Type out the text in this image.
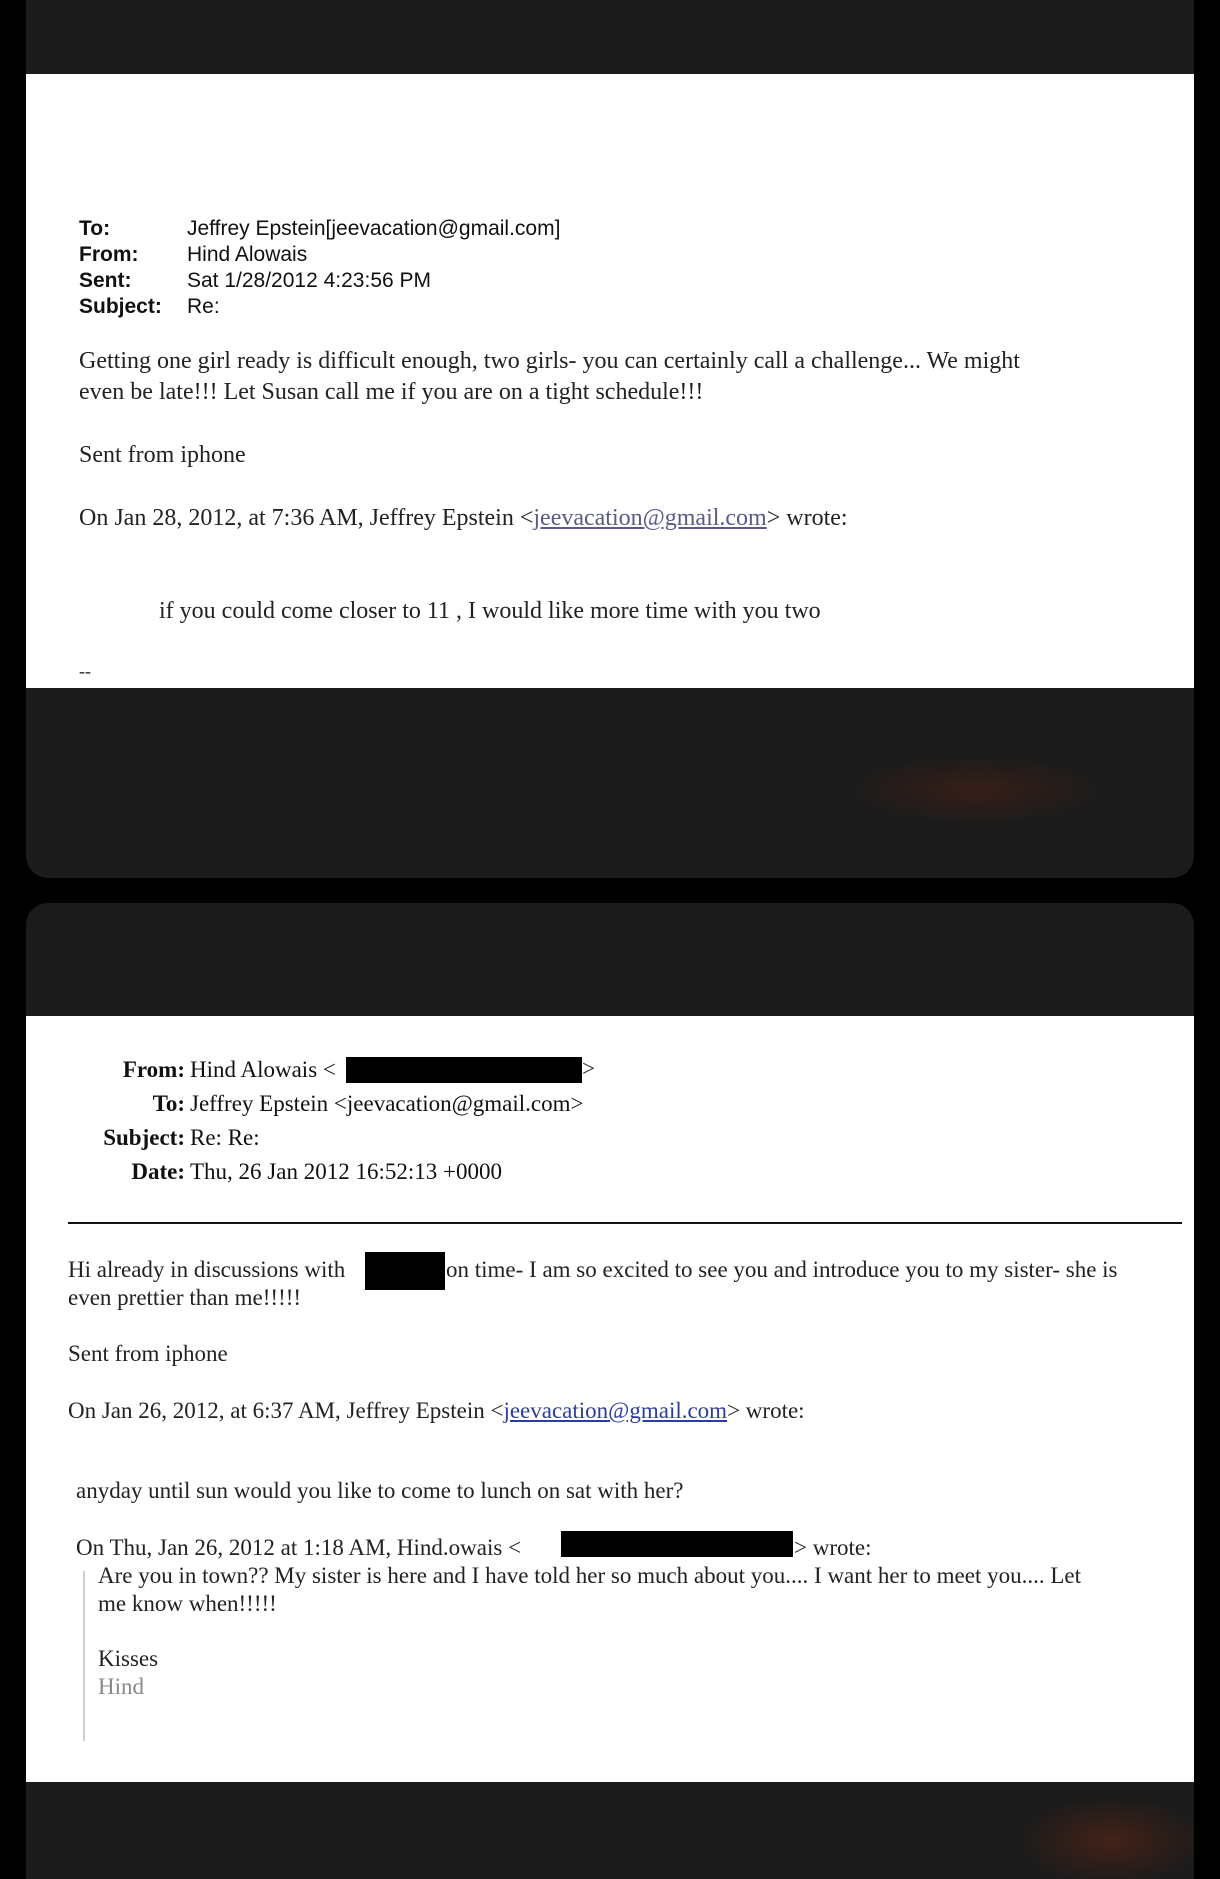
To:	Jeffrey Epstein[jeevacation@gmail.com]
From:	Hind Alowais
Sent:	Sat 1/28/2012 4:23:56 PM
Subject:	Re:
Getting one girl ready is difficult enough, two girls- you can certainly call a challenge... We might
even be late!!! Let Susan call me if you are on a tight schedule!!!
Sent from iphone
On Jan 28, 2012, at 7:36 AM, Jeffrey Epstein <jeevacation@gmail.com> wrote:
if you could come closer to 11 , I would like more time with you two
--
From: Hind Alowais <
To: Jeffrey Epstein <jeevacation@gmail.com>
Subject: Re: Re:
Date: Thu, 26 Jan 2012 16:52:13 +0000
>
Hi already in discussions with	on time- I am so excited to see you and introduce you to my sister- she is
even prettier than me!!!!!
Sent from iphone
On Jan 26, 2012, at 6:37 AM, Jeffrey Epstein <jeevacation@gmail.com> wrote:
anyday until sun would you like to come to lunch on sat with her?
On Thu, Jan 26, 2012 at 1:18 AM, Hind.owais <	> wrote:
Are you in town?? My sister is here and I have told her so much about you.... I want her to meet you.... Let
me know when!!!!!
Kisses
Hind
